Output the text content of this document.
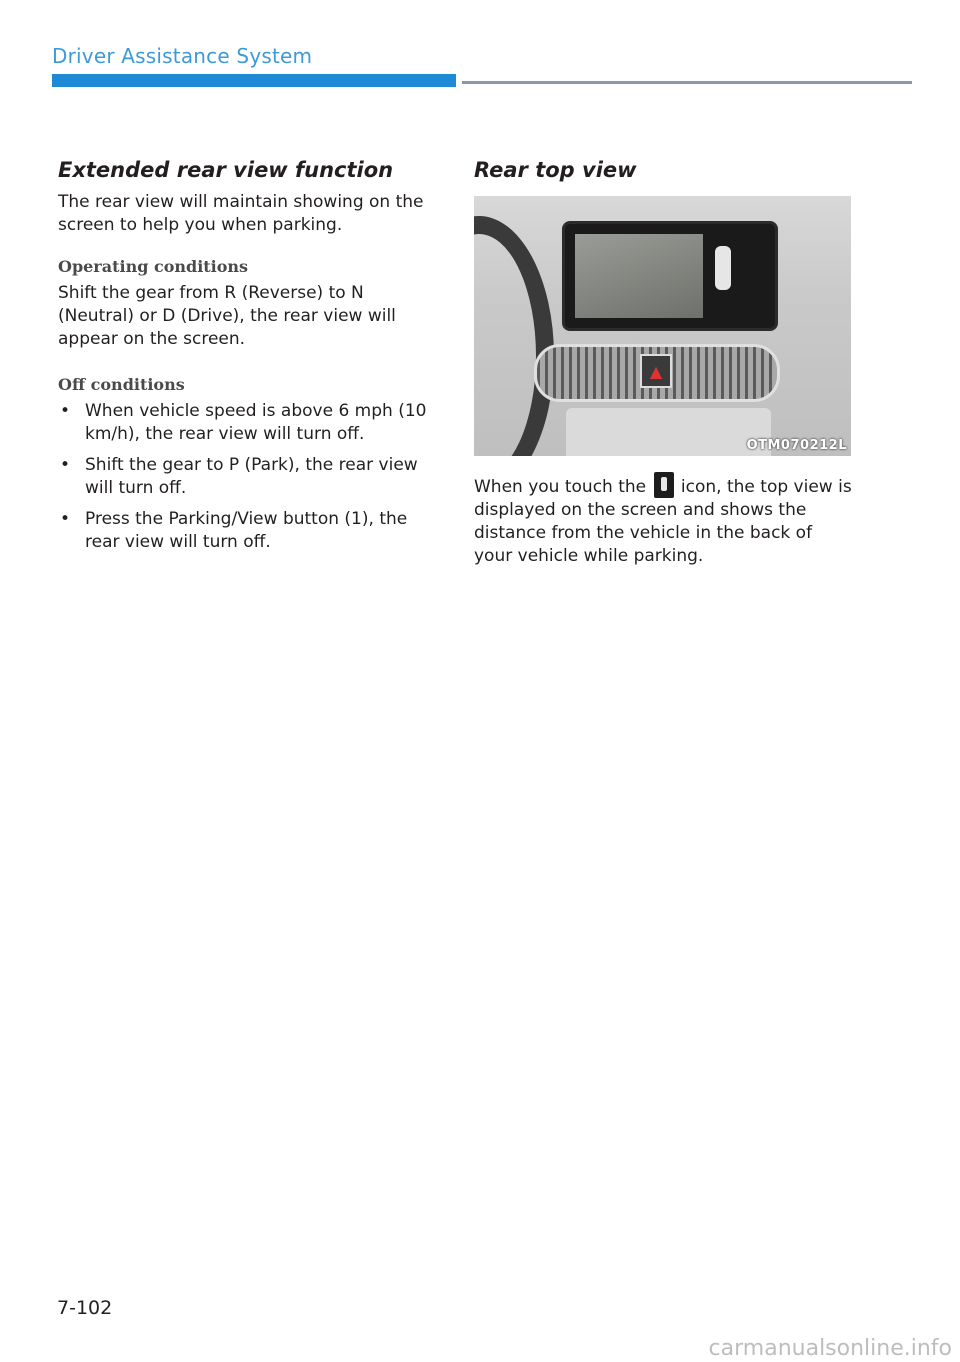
Driver Assistance System
Extended rear view function

The rear view will maintain showing on the screen to help you when parking.

Operating conditions

Shift the gear from R (Reverse) to N (Neutral) or D (Drive), the rear view will appear on the screen.

Off conditions
• When vehicle speed is above 6 mph (10 km/h), the rear view will turn off.
• Shift the gear to P (Park), the rear view will turn off.
• Press the Parking/View button (1), the rear view will turn off.
Rear top view
▲
OTM070212L

When you touch the  icon, the top view is displayed on the screen and shows the distance from the vehicle in the back of your vehicle while parking.

7-102
carmanualsonline.info
